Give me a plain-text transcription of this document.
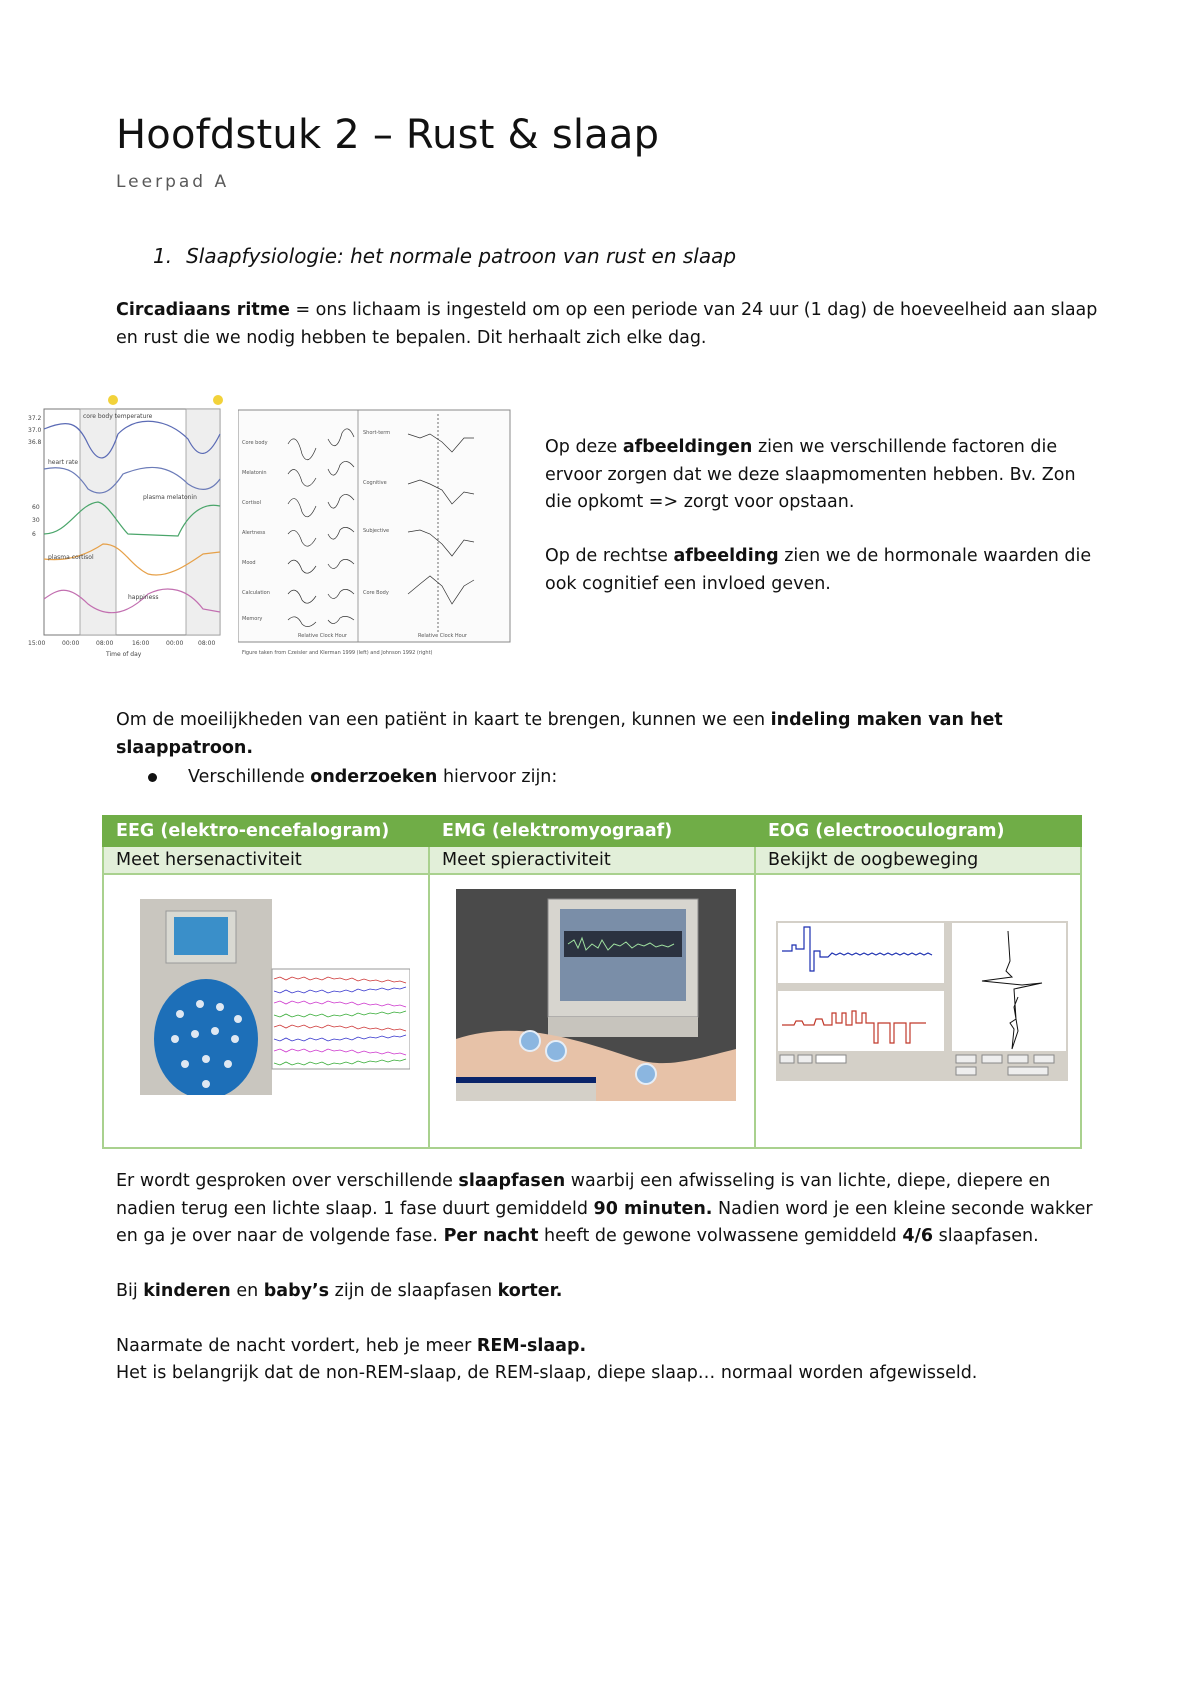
Hoofdstuk 2 – Rust & slaap
Leerpad A
1. Slaapfysiologie: het normale patroon van rust en slaap

Circadiaans ritme = ons lichaam is ingesteld om op een periode van 24 uur (1 dag) de hoeveelheid aan slaap en rust die we nodig hebben te bepalen. Dit herhaalt zich elke dag.

37.2
37.0
36.8
60
30
6
15:00	00:00	08:00	16:00	00:00 08:00
Time of day
core body temperature
heart rate
plasma melatonin
plasma cortisol
happiness
Core body
Melatonin
Cortisol
Alertness
Mood
Calculation
Memory
Short-term
Cognitive
Subjective
Core Body
Relative Clock Hour	Relative Clock Hour
Figure taken from Czeisler and Klerman 1999 (left) and Johnson 1992 (right)

Op deze afbeeldingen zien we verschillende factoren die ervoor zorgen dat we deze slaapmomenten hebben. Bv. Zon die opkomt => zorgt voor opstaan.

Op de rechtse afbeelding zien we de hormonale waarden die ook cognitief een invloed geven.

Om de moeilijkheden van een patiënt in kaart te brengen, kunnen we een indeling maken van het slaappatroon.

Verschillende onderzoeken hiervoor zijn:
EEG (elektro-encefalogram)	EMG (elektromyograaf)	EOG (electrooculogram)
Meet hersenactiviteit	Meet spieractiviteit	Bekijkt de oogbeweging

Er wordt gesproken over verschillende slaapfasen waarbij een afwisseling is van lichte, diepe, diepere en nadien terug een lichte slaap. 1 fase duurt gemiddeld 90 minuten. Nadien word je een kleine seconde wakker en ga je over naar de volgende fase. Per nacht heeft de gewone volwassene gemiddeld 4/6 slaapfasen.

Bij kinderen en baby’s zijn de slaapfasen korter.

Naarmate de nacht vordert, heb je meer REM-slaap.

Het is belangrijk dat de non-REM-slaap, de REM-slaap, diepe slaap… normaal worden afgewisseld.
